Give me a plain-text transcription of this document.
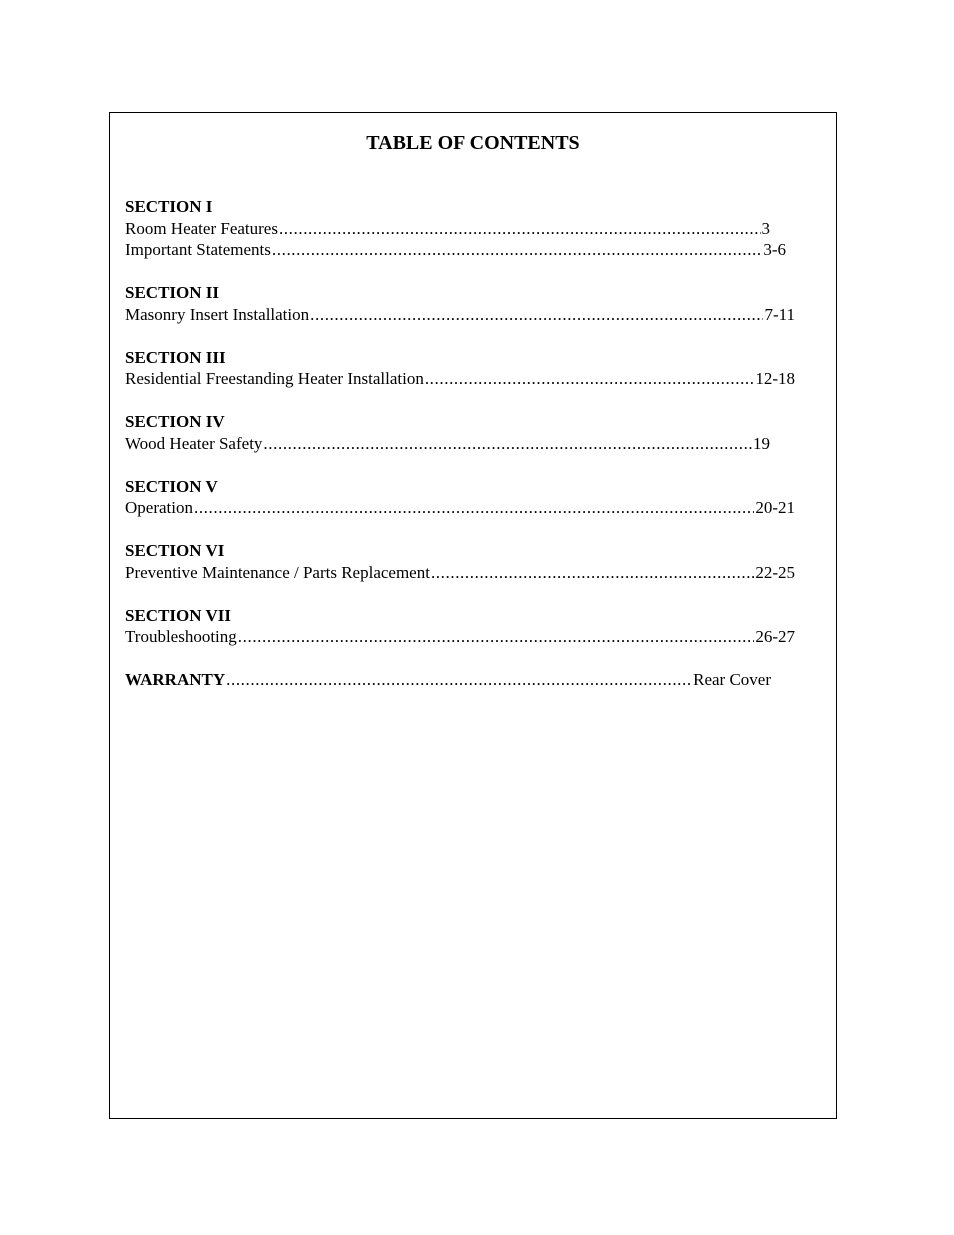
TABLE OF CONTENTS
SECTION I
Room Heater Features .....	3
Important Statements .....	3-6
SECTION II
Masonry Insert Installation .....	7-11
SECTION III
Residential Freestanding Heater Installation .....	12-18
SECTION IV
Wood Heater Safety .....	19
SECTION V
Operation .....	20-21
SECTION VI
Preventive Maintenance / Parts Replacement .....	22-25
SECTION VII
Troubleshooting .....	26-27
WARRANTY .....	Rear Cover
